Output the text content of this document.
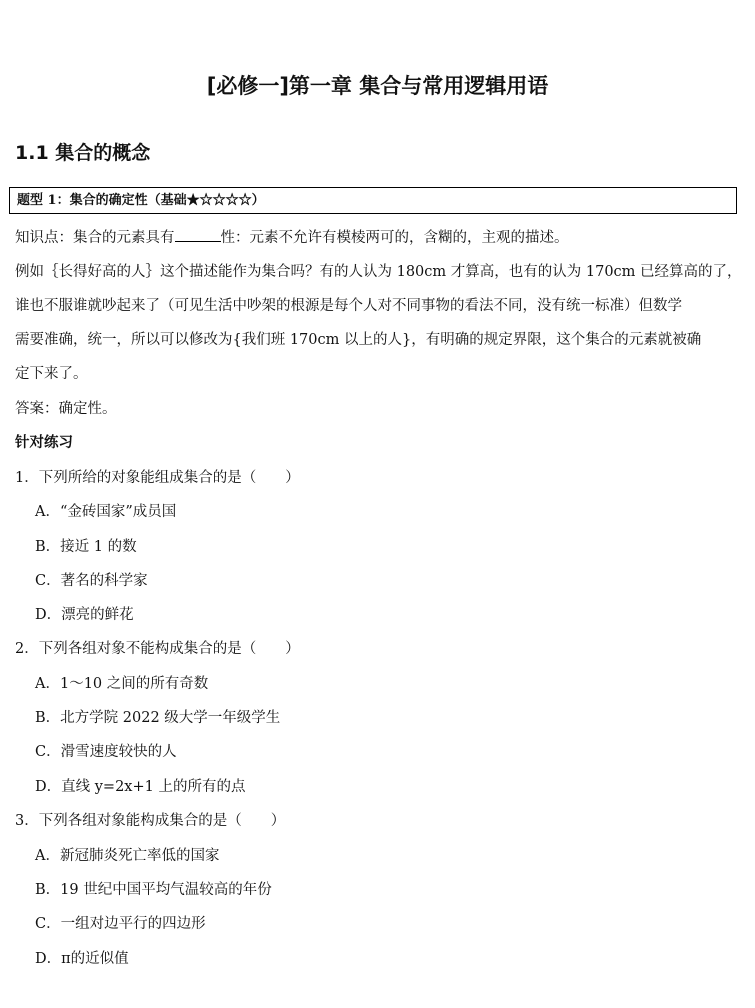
[必修一]第一章 集合与常用逻辑用语
1.1 集合的概念
题型 1：集合的确定性（基础★☆☆☆☆）
知识点：集合的元素具有	性：元素不允许有模棱两可的，含糊的，主观的描述。
例如｛长得好高的人｝这个描述能作为集合吗？有的人认为 180cm 才算高，也有的认为 170cm 已经算高的了，
谁也不服谁就吵起来了（可见生活中吵架的根源是每个人对不同事物的看法不同，没有统一标准）但数学
需要准确，统一，所以可以修改为{我们班 170cm 以上的人}，有明确的规定界限，这个集合的元素就被确
定下来了。
答案：确定性。
针对练习
1．下列所给的对象能组成集合的是（　　）
A．“金砖国家”成员国
B．接近 1 的数
C．著名的科学家
D．漂亮的鲜花
2．下列各组对象不能构成集合的是（　　）
A．1～10 之间的所有奇数
B．北方学院 2022 级大学一年级学生
C．滑雪速度较快的人
D．直线 y=2x+1 上的所有的点
3．下列各组对象能构成集合的是（　　）
A．新冠肺炎死亡率低的国家
B．19 世纪中国平均气温较高的年份
C．一组对边平行的四边形
D．π的近似值
